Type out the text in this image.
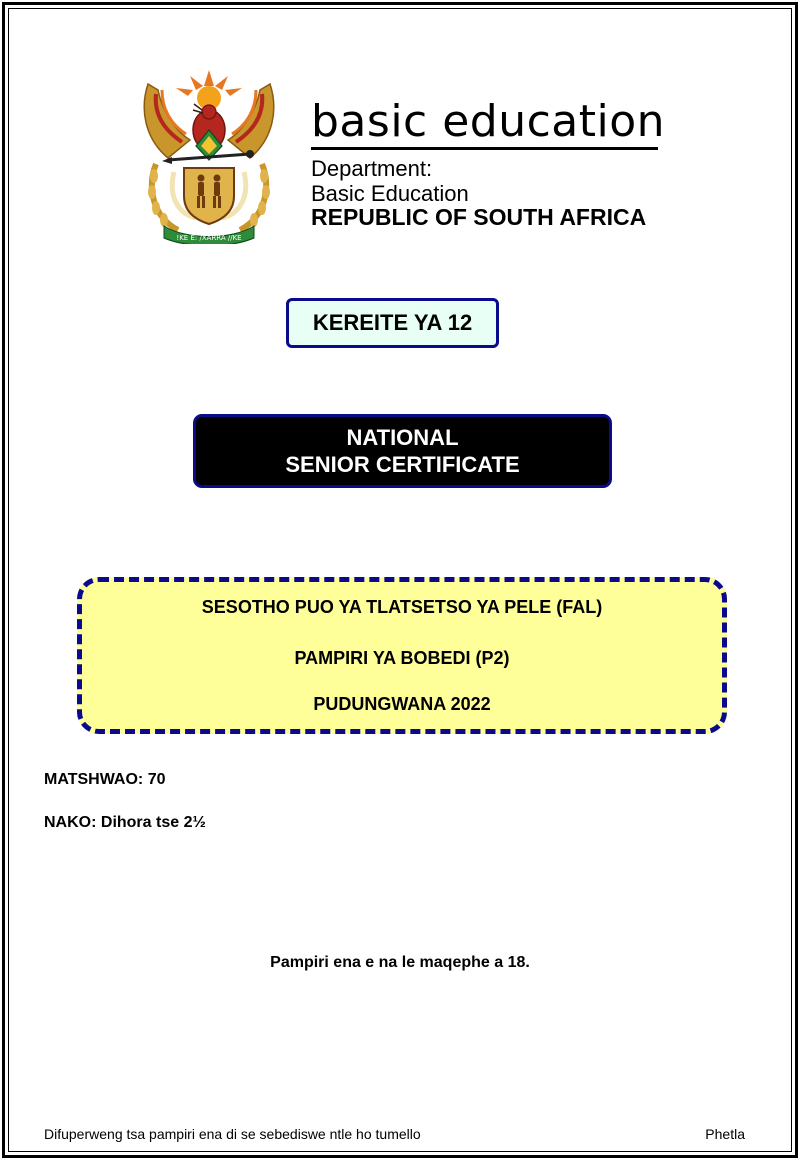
!KE E: /XARRA //KE
basic education
Department:
Basic Education
REPUBLIC OF SOUTH AFRICA
KEREITE YA 12
NATIONAL
SENIOR CERTIFICATE
SESOTHO PUO YA TLATSETSO YA PELE (FAL)
PAMPIRI YA BOBEDI (P2)
PUDUNGWANA 2022
MATSHWAO: 70
NAKO: Dihora tse 2½
Pampiri ena e na le maqephe a 18.
Difuperweng tsa pampiri ena di se sebediswe ntle ho tumello	Phetla
